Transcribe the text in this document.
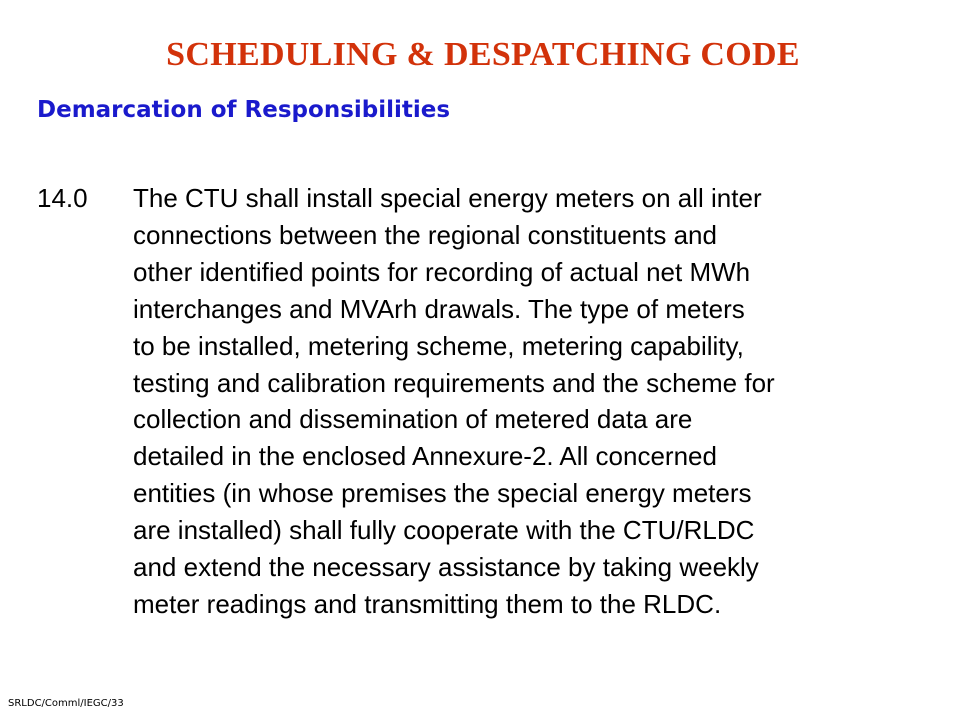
SCHEDULING & DESPATCHING CODE
Demarcation of Responsibilities
14.0 The CTU shall install special energy meters on all inter
connections between the regional constituents and
other identified points for recording of actual net MWh
interchanges and MVArh drawals. The type of meters
to be installed, metering scheme, metering capability,
testing and calibration requirements and the scheme for
collection and dissemination of metered data are
detailed in the enclosed Annexure-2. All concerned
entities (in whose premises the special energy meters
are installed) shall fully cooperate with the CTU/RLDC
and extend the necessary assistance by taking weekly
meter readings and transmitting them to the RLDC.

SRLDC/Comml/IEGC/33
